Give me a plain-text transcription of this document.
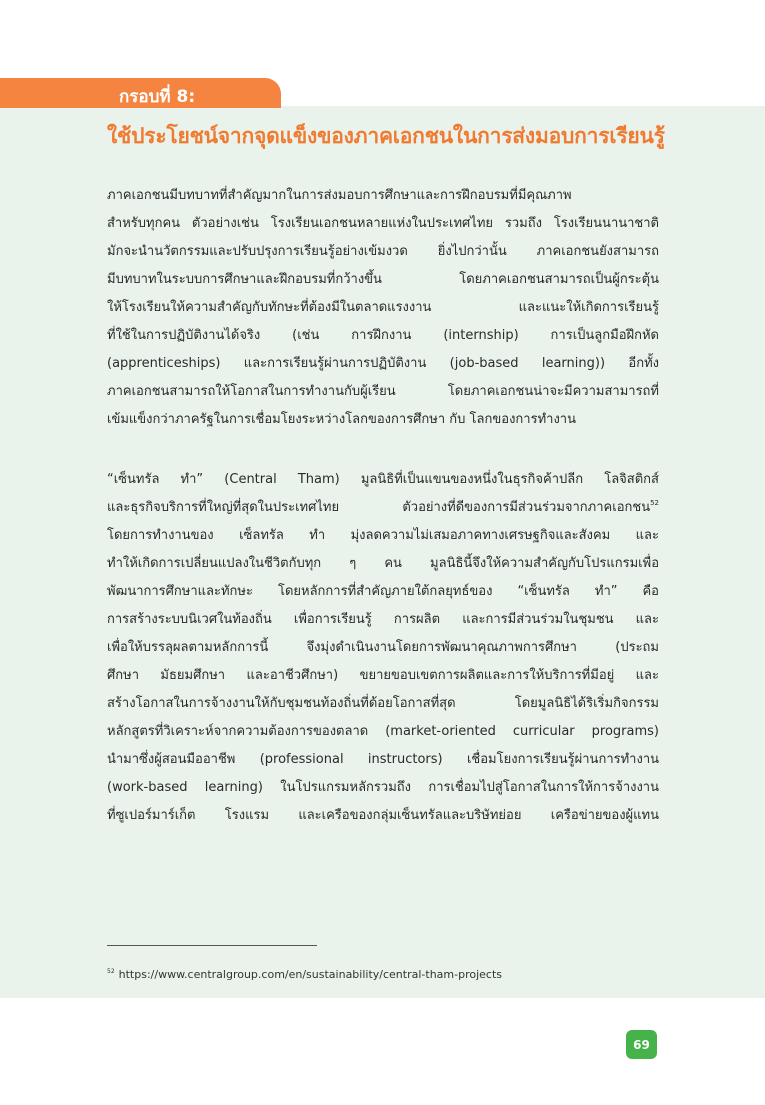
กรอบที่ 8:
ใช้ประโยชน์จากจุดแข็งของภาคเอกชนในการส่งมอบการเรียนรู้
ภาคเอกชนมีบทบาทที่สำคัญมากในการส่งมอบการศึกษาและการฝึกอบรมที่มีคุณภาพ
สำหรับทุกคน ตัวอย่างเช่น โรงเรียนเอกชนหลายแห่งในประเทศไทย รวมถึง โรงเรียนนานาชาติ
มักจะนำนวัตกรรมและปรับปรุงการเรียนรู้อย่างเข้มงวด ยิ่งไปกว่านั้น ภาคเอกชนยังสามารถ
มีบทบาทในระบบการศึกษาและฝึกอบรมที่กว้างขึ้น โดยภาคเอกชนสามารถเป็นผู้กระตุ้น
ให้โรงเรียนให้ความสำคัญกับทักษะที่ต้องมีในตลาดแรงงาน และแนะให้เกิดการเรียนรู้
ที่ใช้ในการปฏิบัติงานได้จริง (เช่น การฝึกงาน (internship) การเป็นลูกมือฝึกหัด
(apprenticeships) และการเรียนรู้ผ่านการปฏิบัติงาน (job-based learning)) อีกทั้ง
ภาคเอกชนสามารถให้โอกาสในการทำงานกับผู้เรียน โดยภาคเอกชนน่าจะมีความสามารถที่
เข้มแข็งกว่าภาครัฐในการเชื่อมโยงระหว่างโลกของการศึกษา กับ โลกของการทำงาน
“เซ็นทรัล ทำ” (Central Tham) มูลนิธิที่เป็นแขนของหนึ่งในธุรกิจค้าปลีก โลจิสติกส์
และธุรกิจบริการที่ใหญ่ที่สุดในประเทศไทย ตัวอย่างที่ดีของการมีส่วนร่วมจากภาคเอกชน$^{52}$
โดยการทำงานของ เซ็ลทรัล ทำ มุ่งลดความไม่เสมอภาคทางเศรษฐกิจและสังคม และ
ทำให้เกิดการเปลี่ยนแปลงในชีวิตกับทุก ๆ คน มูลนิธินี้จึงให้ความสำคัญกับโปรแกรมเพื่อ
พัฒนาการศึกษาและทักษะ โดยหลักการที่สำคัญภายใต้กลยุทธ์ของ “เซ็นทรัล ทำ” คือ
การสร้างระบบนิเวศในท้องถิ่น เพื่อการเรียนรู้ การผลิต และการมีส่วนร่วมในชุมชน และ
เพื่อให้บรรลุผลตามหลักการนี้ จึงมุ่งดำเนินงานโดยการพัฒนาคุณภาพการศึกษา (ประถม
ศึกษา มัธยมศึกษา และอาชีวศึกษา) ขยายขอบเขตการผลิตและการให้บริการที่มีอยู่ และ
สร้างโอกาสในการจ้างงานให้กับชุมชนท้องถิ่นที่ด้อยโอกาสที่สุด โดยมูลนิธิได้ริเริ่มกิจกรรม
หลักสูตรที่วิเคราะห์จากความต้องการของตลาด (market-oriented curricular programs)
นำมาซึ่งผู้สอนมืออาชีพ (professional instructors) เชื่อมโยงการเรียนรู้ผ่านการทำงาน
(work-based learning) ในโปรแกรมหลักรวมถึง การเชื่อมไปสู่โอกาสในการให้การจ้างงาน
ที่ซูเปอร์มาร์เก็ต โรงแรม และเครือของกลุ่มเซ็นทรัลและบริษัทย่อย เครือข่ายของผู้แทน
$^{52}$ https://www.centralgroup.com/en/sustainability/central-tham-projects
69
